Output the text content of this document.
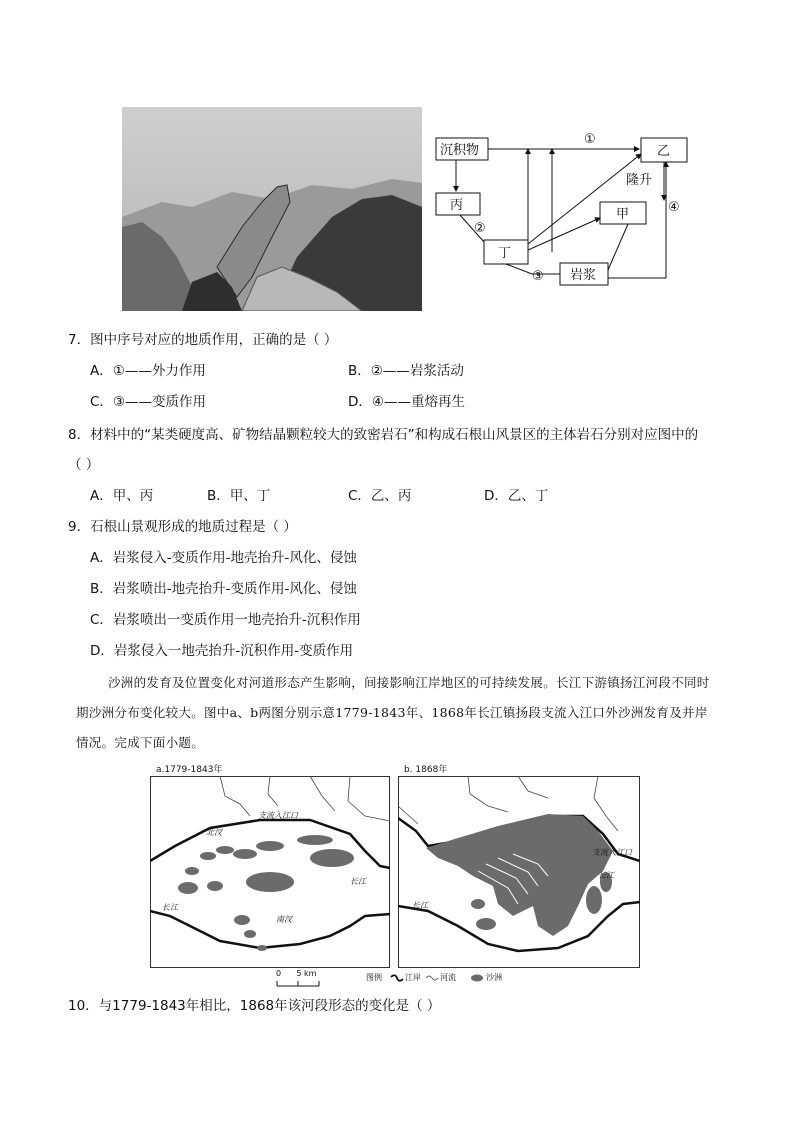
沉积物	乙
丙
甲
丁
岩浆
隆升
①
②
③
④
7．图中序号对应的地质作用，正确的是（ ）
A．①——外力作用	B．②——岩浆活动
C．③——变质作用	D．④——重熔再生
8．材料中的“某类硬度高、矿物结晶颗粒较大的致密岩石”和构成石根山风景区的主体岩石分别对应图中的
（ ）
A．甲、丙	B．甲、丁	C．乙、丙	D．乙、丁
9．石根山景观形成的地质过程是（ ）
A．岩浆侵入-变质作用-地壳抬升-风化、侵蚀
B．岩浆喷出-地壳抬升-变质作用-风化、侵蚀
C．岩浆喷出一变质作用一地壳抬升-沉积作用
D．岩浆侵入一地壳抬升-沉积作用-变质作用
沙洲的发育及位置变化对河道形态产生影响，间接影响江岸地区的可持续发展。长江下游镇扬江河段不同时期沙洲分布变化较大。图中a、b两图分别示意1779-1843年、1868年长江镇扬段支流入江口外沙洲发育及并岸情况。完成下面小题。
a.1779-1843年
北汊
支流入江口
长江
长江
南汊
b. 1868年
沙头夹江
支流入江口
长江
长江
0      5 km	图例	江岸 河流	沙洲
10．与1779-1843年相比，1868年该河段形态的变化是（ ）
